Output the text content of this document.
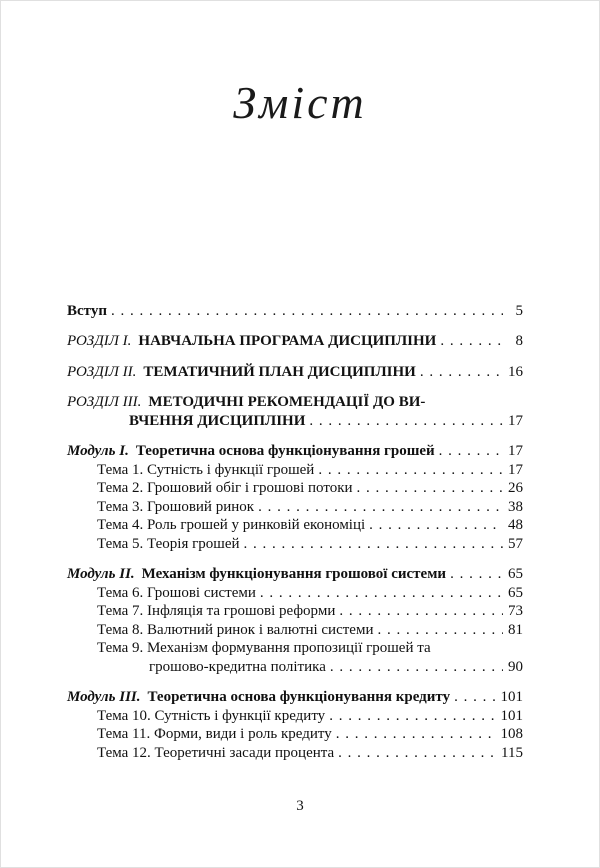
Зміст
Вступ . . .	5
РОЗДІЛ І. НАВЧАЛЬНА ПРОГРАМА ДИСЦИПЛІНИ . . .	8
РОЗДІЛ ІІ. ТЕМАТИЧНИЙ ПЛАН ДИСЦИПЛІНИ . . .	16
РОЗДІЛ ІІІ. МЕТОДИЧНІ РЕКОМЕНДАЦІЇ ДО ВИ-
ВЧЕННЯ ДИСЦИПЛІНИ . . .	17
Модуль І. Теоретична основа функціонування грошей . . .	17
Тема 1. Сутність і функції грошей . . .	17
Тема 2. Грошовий обіг і грошові потоки . . .	26
Тема 3. Грошовий ринок . . .	38
Тема 4. Роль грошей у ринковій економіці . . .	48
Тема 5. Теорія грошей . . .	57
Модуль ІІ. Механізм функціонування грошової системи . . .	65
Тема 6. Грошові системи . . .	65
Тема 7. Інфляція та грошові реформи . . .	73
Тема 8. Валютний ринок і валютні системи . . .	81
Тема 9. Механізм формування пропозиції грошей та
грошово-кредитна політика . . .	90
Модуль ІІІ. Теоретична основа функціонування кредиту . . .	101
Тема 10. Сутність і функції кредиту . . .	101
Тема 11. Форми, види і роль кредиту . . .	108
Тема 12. Теоретичні засади процента . . .	115
3
